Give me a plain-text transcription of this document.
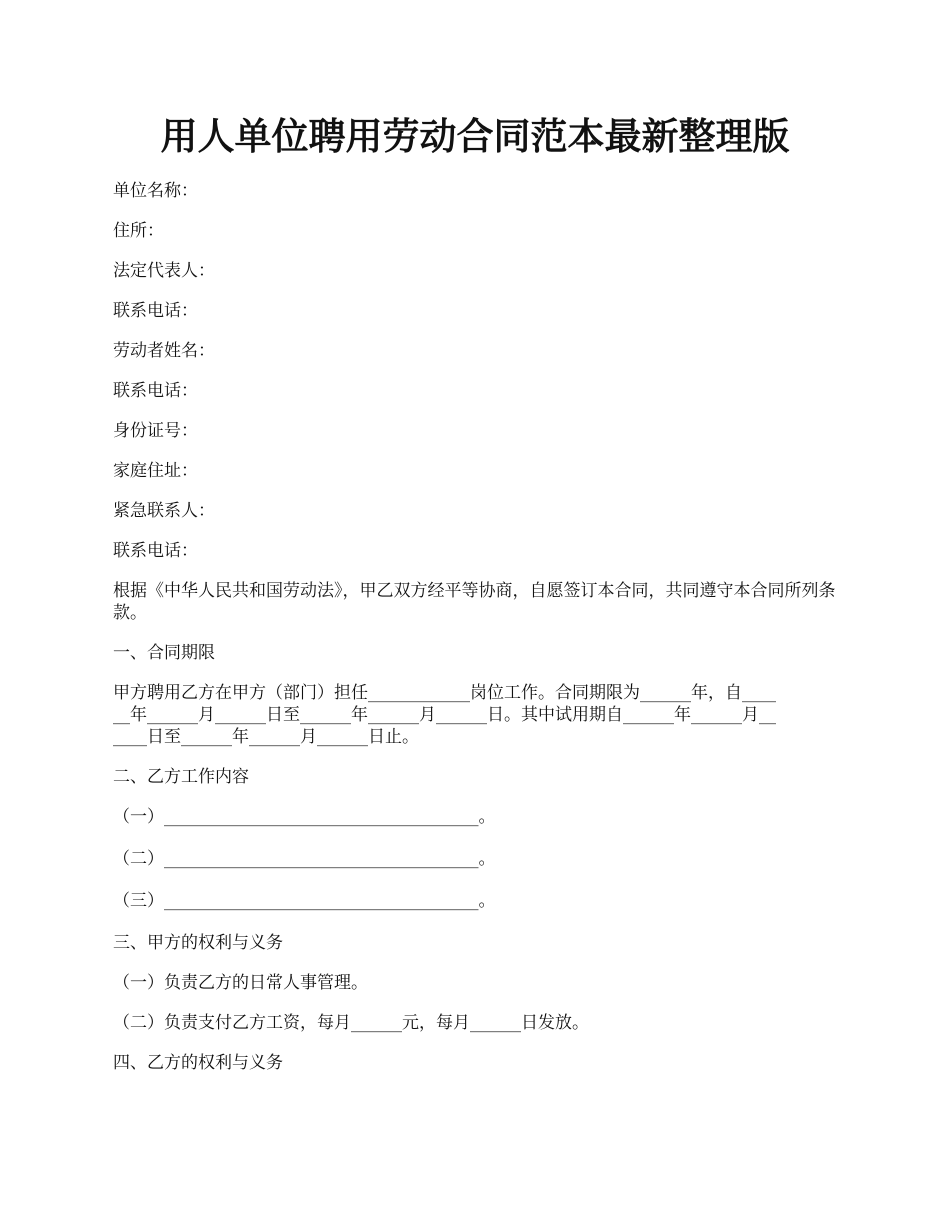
用人单位聘用劳动合同范本最新整理版

单位名称：

住所：

法定代表人：

联系电话：

劳动者姓名：

联系电话：

身份证号：

家庭住址：

紧急联系人：

联系电话：

根据《中华人民共和国劳动法》，甲乙双方经平等协商，自愿签订本合同，共同遵守本合同所列条款。

一、合同期限

甲方聘用乙方在甲方（部门）担任____________岗位工作。合同期限为______年，自____
__年______月______日至______年______月______日。其中试用期自______年______月__
____日至______年______月______日止。

二、乙方工作内容

（一）_____________________________________。

（二）_____________________________________。

（三）_____________________________________。

三、甲方的权利与义务

（一）负责乙方的日常人事管理。

（二）负责支付乙方工资，每月______元，每月______日发放。

四、乙方的权利与义务
